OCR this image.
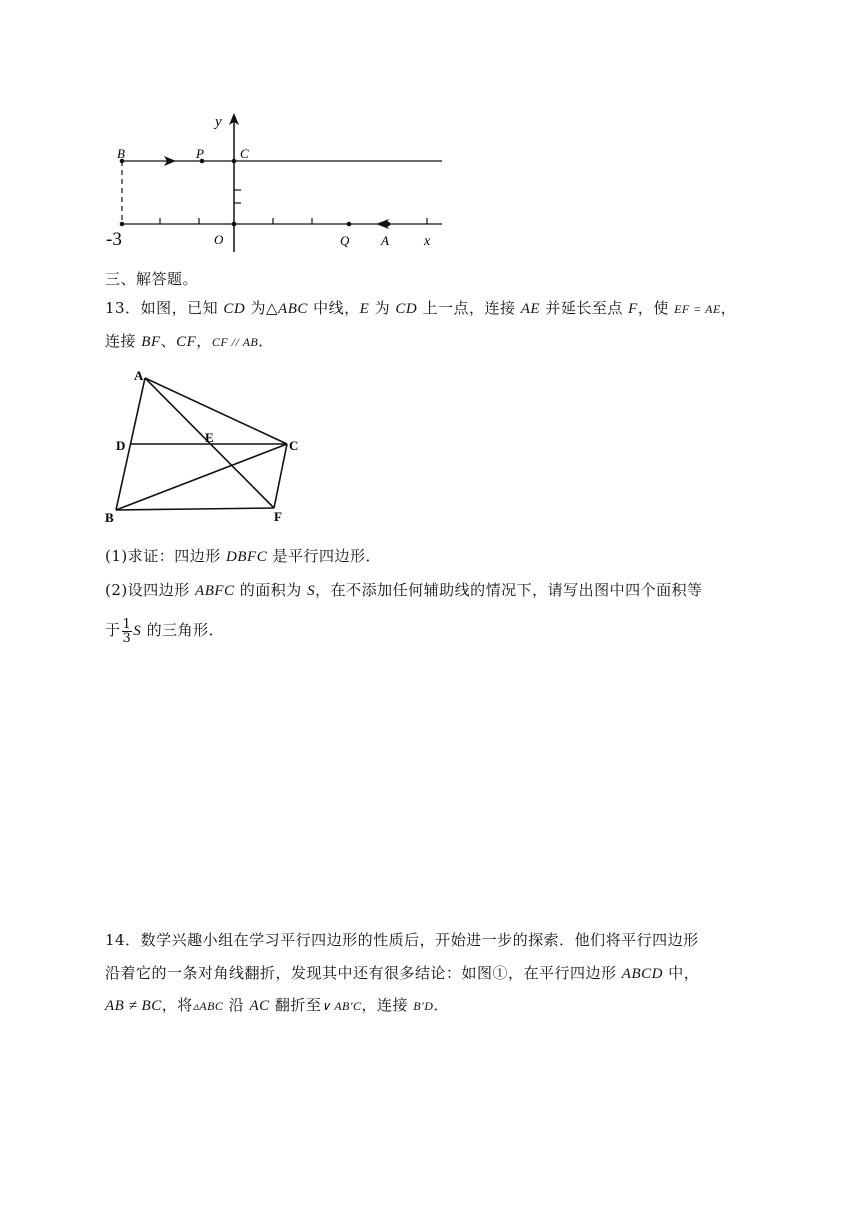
y
B	P	C
-3	O	Q A	x
三、解答题。
13．如图，已知 CD 为△ABC 中线，E 为 CD 上一点，连接 AE 并延长至点 F，使 EF = AE，
连接 BF、CF，CF // AB．
A
D
E
C
B	F
(1)求证：四边形 DBFC 是平行四边形．
(2)设四边形 ABFC 的面积为 S，在不添加任何辅助线的情况下，请写出图中四个面积等
于 $\frac{1}{3}$ S 的三角形．
14．数学兴趣小组在学习平行四边形的性质后，开始进一步的探索．他们将平行四边形
沿着它的一条对角线翻折，发现其中还有很多结论：如图①，在平行四边形 ABCD 中，
AB ≠ BC，将▵ABC 沿 AC 翻折至∨ AB′C，连接 B′D．
